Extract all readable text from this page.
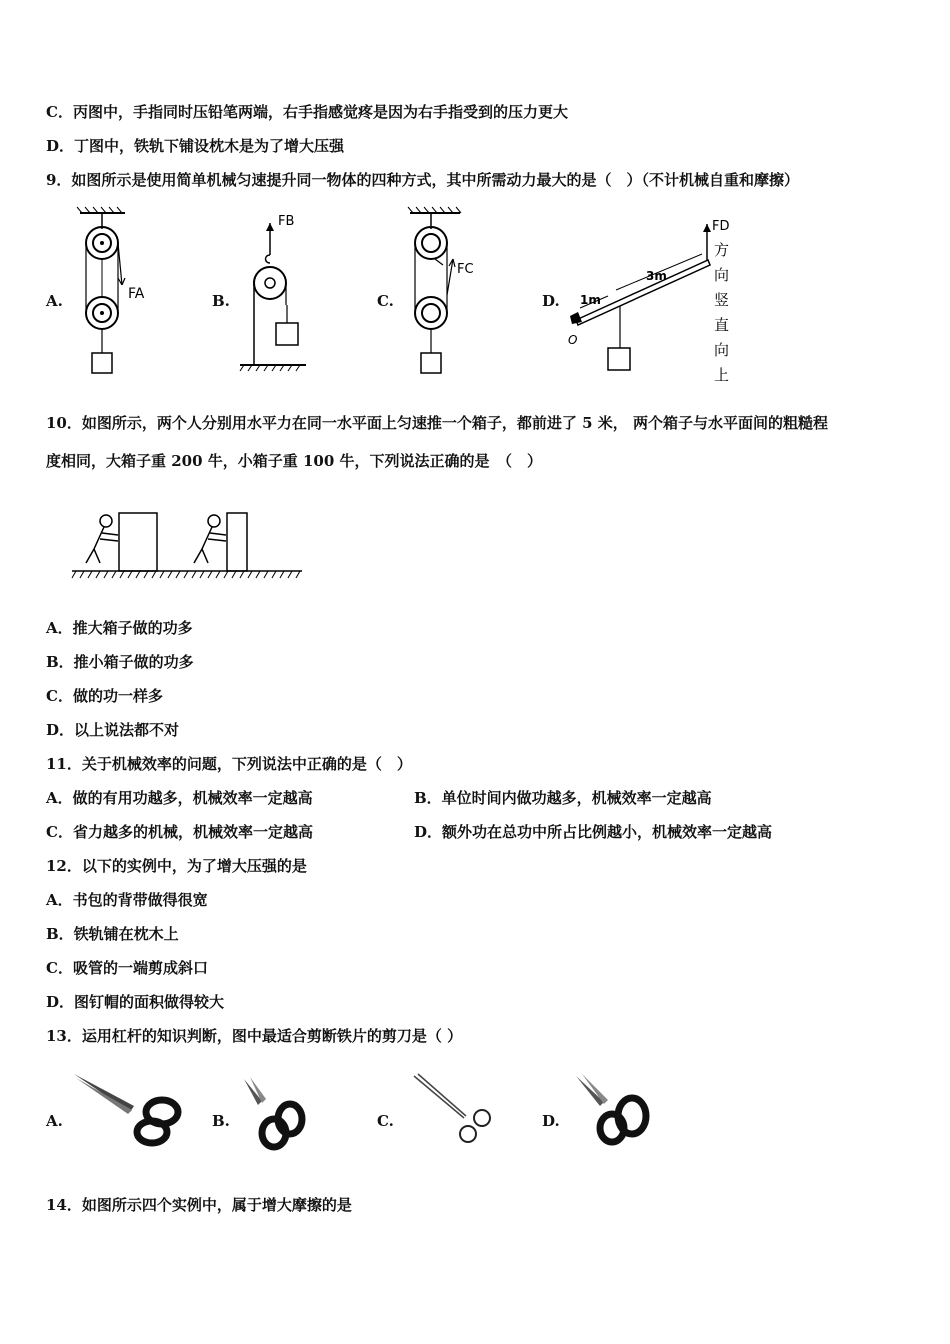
C．丙图中，手指同时压铅笔两端，右手指感觉疼是因为右手指受到的压力更大
D．丁图中，铁轨下铺设枕木是为了增大压强
9．如图所示是使用简单机械匀速提升同一物体的四种方式，其中所需动力最大的是（　）（不计机械自重和摩擦）
A.	B.	C.	D.
FA
FB
FC
FD
O
1m
3m
方
向
竖
直
向
上
10．如图所示，两个人分别用水平力在同一水平面上匀速推一个箱子，都前进了 5 米， 两个箱子与水平面间的粗糙程
度相同，大箱子重 200 牛，小箱子重 100 牛，下列说法正确的是　（　）
A．推大箱子做的功多
B．推小箱子做的功多
C．做的功一样多
D．以上说法都不对
11．关于机械效率的问题，下列说法中正确的是（　）
A．做的有用功越多，机械效率一定越高	B．单位时间内做功越多，机械效率一定越高
C．省力越多的机械，机械效率一定越高	D．额外功在总功中所占比例越小，机械效率一定越高
12．以下的实例中，为了增大压强的是
A．书包的背带做得很宽
B．铁轨铺在枕木上
C．吸管的一端剪成斜口
D．图钉帽的面积做得较大
13．运用杠杆的知识判断，图中最适合剪断铁片的剪刀是（ ）
A.	B.	C.	D.
14．如图所示四个实例中，属于增大摩擦的是
